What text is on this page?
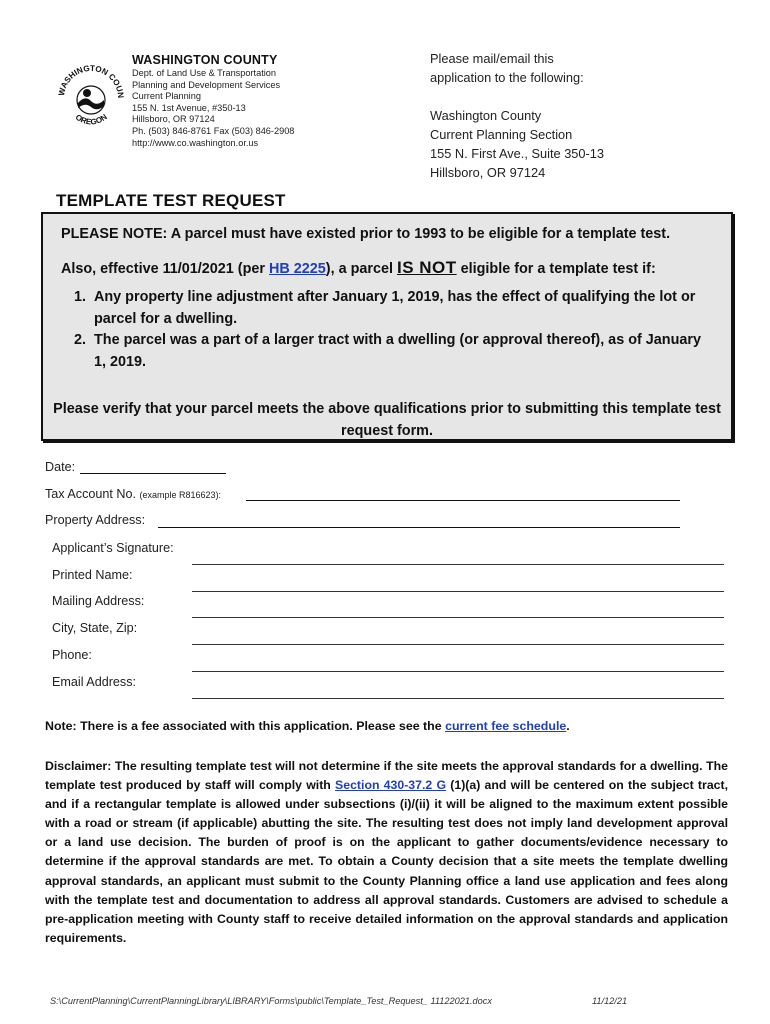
WASHINGTON COUN
OREGON
WASHINGTON COUNTY
Dept. of Land Use & Transportation
Planning and Development Services
Current Planning
155 N. 1st Avenue, #350-13
Hillsboro, OR 97124
Ph. (503) 846-8761 Fax (503) 846-2908
http://www.co.washington.or.us
Please mail/email this
application to the following:
Washington County
Current Planning Section
155 N. First Ave., Suite 350-13
Hillsboro, OR 97124
TEMPLATE TEST REQUEST
PLEASE NOTE: A parcel must have existed prior to 1993 to be eligible for a template test.
Also, effective 11/01/2021 (per HB 2225), a parcel IS NOT eligible for a template test if:
1. Any property line adjustment after January 1, 2019, has the effect of qualifying the lot or parcel for a dwelling.
2. The parcel was a part of a larger tract with a dwelling (or approval thereof), as of January 1, 2019.
Please verify that your parcel meets the above qualifications prior to submitting this template test request form.
Date:
Tax Account No. (example R816623):
Property Address:
Applicant’s Signature:
Printed Name:
Mailing Address:
City, State, Zip:
Phone:
Email Address:
Note: There is a fee associated with this application. Please see the current fee schedule.
Disclaimer: The resulting template test will not determine if the site meets the approval standards for a dwelling. The template test produced by staff will comply with Section 430-37.2 G (1)(a) and will be centered on the subject tract, and if a rectangular template is allowed under subsections (i)/(ii) it will be aligned to the maximum extent possible with a road or stream (if applicable) abutting the site. The resulting test does not imply land development approval or a land use decision. The burden of proof is on the applicant to gather documents/evidence necessary to determine if the approval standards are met. To obtain a County decision that a site meets the template dwelling approval standards, an applicant must submit to the County Planning office a land use application and fees along with the template test and documentation to address all approval standards. Customers are advised to schedule a pre-application meeting with County staff to receive detailed information on the approval standards and application requirements.
S:\CurrentPlanning\CurrentPlanningLibrary\LIBRARY\Forms\public\Template_Test_Request_ 11122021.docx	11/12/21
